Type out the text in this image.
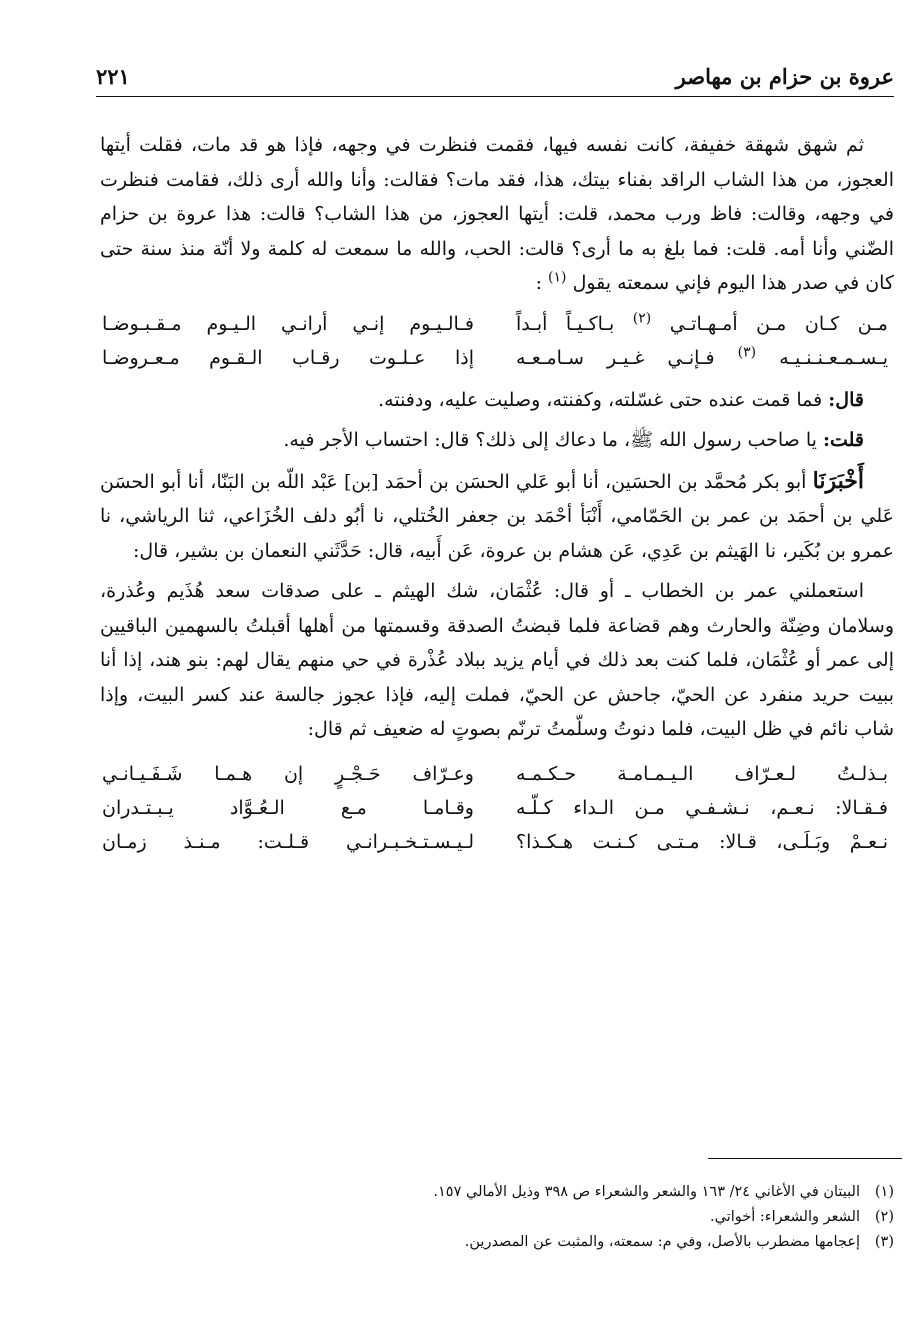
عروة بن حزام بن مهاصر
٢٢١

ثم شهق شهقة خفيفة، كانت نفسه فيها، فقمت فنظرت في وجهه، فإذا هو قد مات، فقلت أيتها العجوز، من هذا الشاب الراقد بفناء بيتك، هذا، فقد مات؟ فقالت: وأنا والله أرى ذلك، فقامت فنظرت في وجهه، وقالت: فاظ ورب محمد، قلت: أيتها العجوز، من هذا الشاب؟ قالت: هذا عروة بن حزام الضّني وأنا أمه. قلت: فما بلغ به ما أرى؟ قالت: الحب، والله ما سمعت له كلمة ولا أنّة منذ سنة حتى كان في صدر هذا اليوم فإني سمعته يقول $^{(١)}$ :

مـن كـان مـن أمـهـاتـي $^{(٢)}$ بـاكـيـاً أبـداً
فـالـيـوم إنـي أرانـي الـيـوم مـقـبـوضـا
يـسـمـعـنـنـيـه $^{(٣)}$ فـإنـي غـيـر سـامـعـه
إذا عـلـوت رقـاب الـقـوم مـعـروضـا

قال: فما قمت عنده حتى غسّلته، وكفنته، وصليت عليه، ودفنته.

قلت: يا صاحب رسول الله ﷺ، ما دعاك إلى ذلك؟ قال: احتساب الأجر فيه.

أَخْبَرَنَا أبو بكر مُحمَّد بن الحسَين، أنا أبو عَلي الحسَن بن أحمَد [بن] عَبْد اللّه بن البَنّا، أنا أبو الحسَن عَلي بن أحمَد بن عمر بن الحَمّامي، أَنْبَأ أحْمَد بن جعفر الخُتلي، نا أبُو دلف الخُزَاعي، ثنا الرياشي، نا عمرو بن بُكَير، نا الهَيثم بن عَدِي، عَن هشام بن عروة، عَن أَبيه، قال: حَدَّثَني النعمان بن بشير، قال:

استعملني عمر بن الخطاب ـ أو قال: عُثْمَان، شك الهيثم ـ على صدقات سعد هُذَيم وعُذرة، وسلامان وضِنّة والحارث وهم قضاعة فلما قبضتُ الصدقة وقسمتها من أهلها أقبلتُ بالسهمين الباقيين إلى عمر أو عُثْمَان، فلما كنت بعد ذلك في أيام يزيد ببلاد عُذْرة في حي منهم يقال لهم: بنو هند، إذا أنا ببيت حريد منفرد عن الحيّ، جاحش عن الحيّ، فملت إليه، فإذا عجوز جالسة عند كسر البيت، وإذا شاب نائم في ظل البيت، فلما دنوتُ وسلّمتُ ترنّم بصوتٍ له ضعيف ثم قال:

بـذلـتُ لـعـرّاف الـيـمـامـة حـكـمـه
وعـرّاف حَـجْـرٍ إن هـمـا شَـفَـيـانـي
فـقـالا: نـعـم، نـشـفـي مـن الـداء كـلّـه
وقـامـا مـع الـعُـوَّاد يـبـتـدران
نـعـمْ وبَـلَـى، قـالا: مـتـى كـنـت هـكـذا؟
لـيـسـتـخـبـرانـي قـلـت: مـنـذ زمـان
(١)
البيتان في الأغاني ٢٤/ ١٦٣ والشعر والشعراء ص ٣٩٨ وذيل الأمالي ١٥٧.
(٢)
الشعر والشعراء: أخواتي.
(٣)
إعجامها مضطرب بالأصل، وفي م: سمعته، والمثبت عن المصدرين.
